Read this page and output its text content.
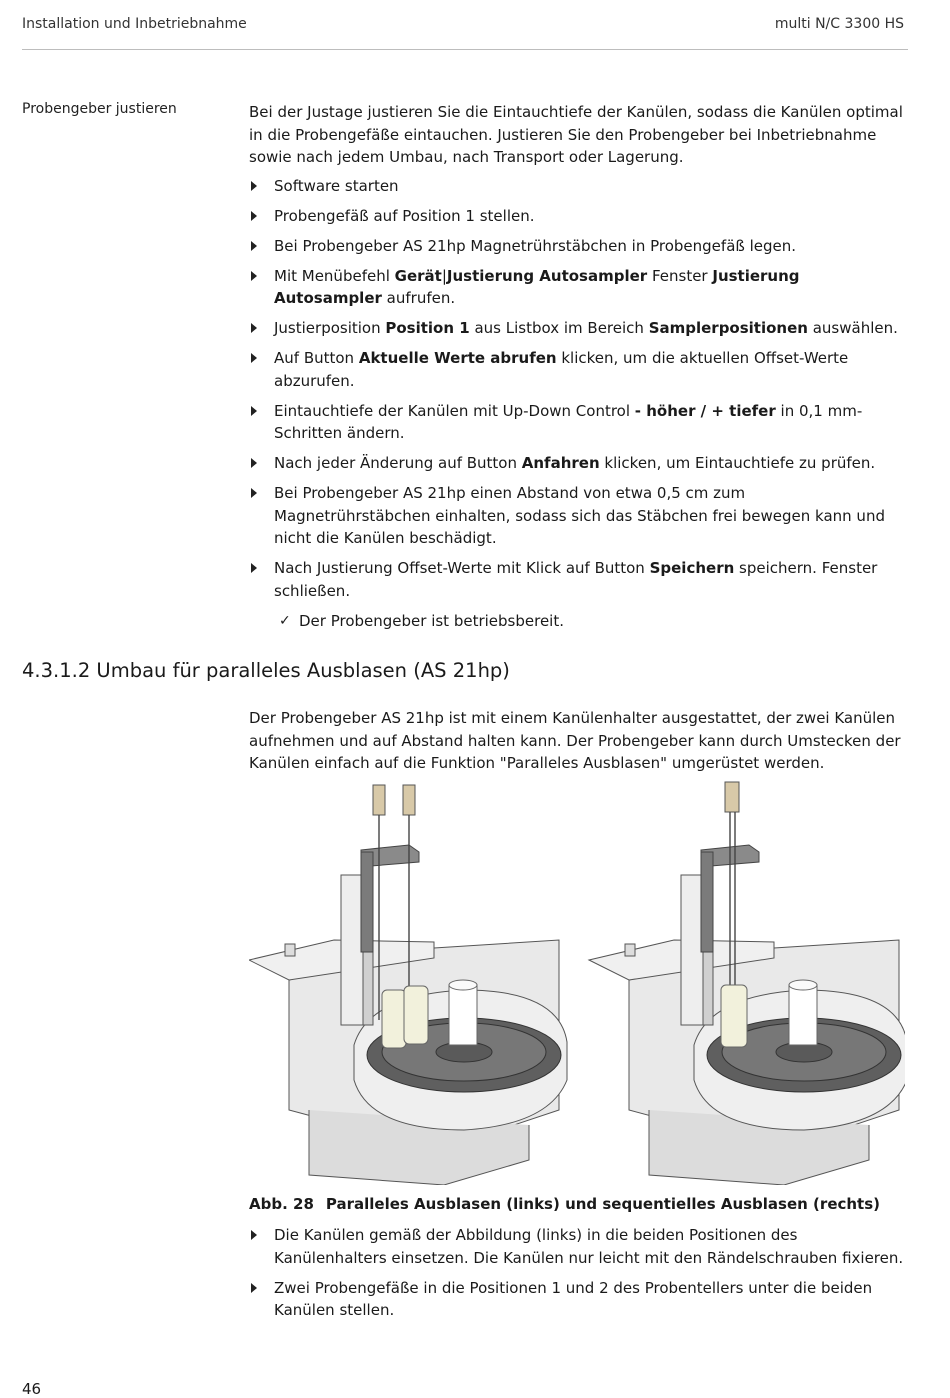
Installation und Inbetriebnahme	multi N/C 3300 HS
Probengeber justieren	Bei der Justage justieren Sie die Eintauchtiefe der Kanülen, sodass die Kanülen optimal in die Probengefäße eintauchen. Justieren Sie den Probengeber bei Inbetriebnahme sowie nach jedem Umbau, nach Transport oder Lagerung.

Software starten
Probengefäß auf Position 1 stellen.
Bei Probengeber AS 21hp Magnetrührstäbchen in Probengefäß legen.
Mit Menübefehl Gerät|Justierung Autosampler Fenster Justierung Autosampler aufrufen.
Justierposition Position 1 aus Listbox im Bereich Samplerpositionen auswählen.
Auf Button Aktuelle Werte abrufen klicken, um die aktuellen Offset-Werte abzurufen.
Eintauchtiefe der Kanülen mit Up-Down Control - höher / + tiefer in 0,1 mm-Schritten ändern.
Nach jeder Änderung auf Button Anfahren klicken, um Eintauchtiefe zu prüfen.
Bei Probengeber AS 21hp einen Abstand von etwa 0,5 cm zum Magnetrührstäbchen einhalten, sodass sich das Stäbchen frei bewegen kann und nicht die Kanülen beschädigt.
Nach Justierung Offset-Werte mit Klick auf Button Speichern speichern. Fenster schließen.
✓ Der Probengeber ist betriebsbereit.
4.3.1.2 Umbau für paralleles Ausblasen (AS 21hp)

Der Probengeber AS 21hp ist mit einem Kanülenhalter ausgestattet, der zwei Kanülen aufnehmen und auf Abstand halten kann. Der Probengeber kann durch Umstecken der Kanülen einfach auf die Funktion "Paralleles Ausblasen" umgerüstet werden.

Abb. 28 Paralleles Ausblasen (links) und sequentielles Ausblasen (rechts)
Die Kanülen gemäß der Abbildung (links) in die beiden Positionen des Kanülenhalters einsetzen. Die Kanülen nur leicht mit den Rändelschrauben fixieren.
Zwei Probengefäße in die Positionen 1 und 2 des Probentellers unter die beiden Kanülen stellen.
46
